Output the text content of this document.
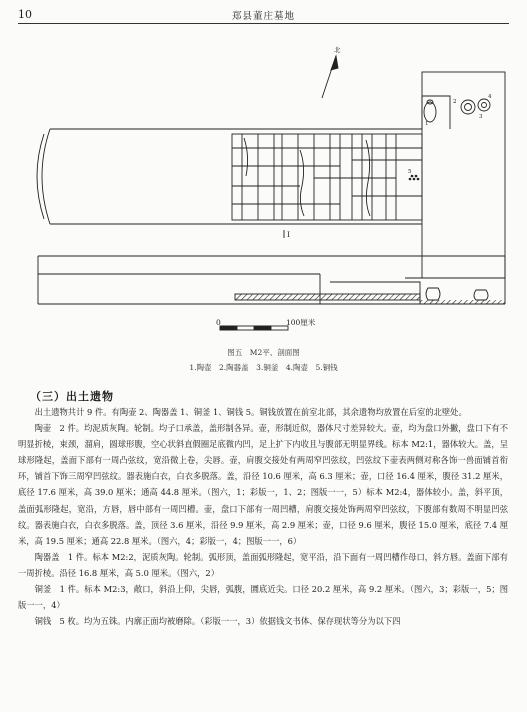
10	郑县董庄墓地
Ⅰ
北
0	100厘米
1
2
3
4
5
图五　M2平、剖面图
1.陶壶　2.陶器盖　3.铜釜　4.陶壶　5.铜钱
（三）出土遗物

出土遗物共计 9 件。有陶壶 2、陶器盖 1、铜釜 1、铜钱 5。铜钱放置在前室北部，其余遗物均放置在后室的北壁处。

陶壶　2 件。均泥质灰陶。轮制。均子口承盖，盖形制各异。壶，形制近似，器体尺寸差异较大。壶，均为盘口外撇，盘口下有不明显折棱，束颈，溜肩，圆球形腹，空心状斜直假圈足底微内凹，足上扩下内收且与腹部无明显界线。标本 M2:1，器体较大。盖，呈球形隆起，盖面下部有一周凸弦纹，宽沿微上卷，尖唇。壶，肩腹交接处有两周窄凹弦纹，凹弦纹下壶表两侧对称各饰一兽面铺首衔环，铺首下饰三周窄凹弦纹。器表施白衣，白衣多脱落。盖，沿径 10.6 厘米，高 6.3 厘米；壶，口径 16.4 厘米，腹径 31.2 厘米，底径 17.6 厘米，高 39.0 厘米；通高 44.8 厘米。（图六，1；彩版一，1、2；图版一一，5）标本 M2:4，器体较小。盖，斜平顶，盖面弧形隆起，宽沿，方唇，唇中部有一周凹槽。壶，盘口下部有一周凹槽，肩腹交接处饰两周窄凹弦纹，下腹部有数周不明显凹弦纹。器表施白衣，白衣多脱落。盖，顶径 3.6 厘米，沿径 9.9 厘米，高 2.9 厘米；壶，口径 9.6 厘米，腹径 15.0 厘米，底径 7.4 厘米，高 19.5 厘米；通高 22.8 厘米。（图六，4；彩版一，4；图版一一，6）

陶器盖　1 件。标本 M2:2，泥质灰陶。轮制。弧形顶，盖面弧形隆起，宽平沿，沿下面有一周凹槽作母口，斜方唇。盖面下部有一周折棱。沿径 16.8 厘米，高 5.0 厘米。（图六，2）

铜釜　1 件。标本 M2:3，敞口，斜沿上仰，尖唇，弧腹，圜底近尖。口径 20.2 厘米，高 9.2 厘米。（图六，3；彩版一，5；图版一一，4）

铜钱　5 枚。均为五铢。内廓正面均被磨除。（彩版一一，3）依据钱文书体、保存现状等分为以下四
